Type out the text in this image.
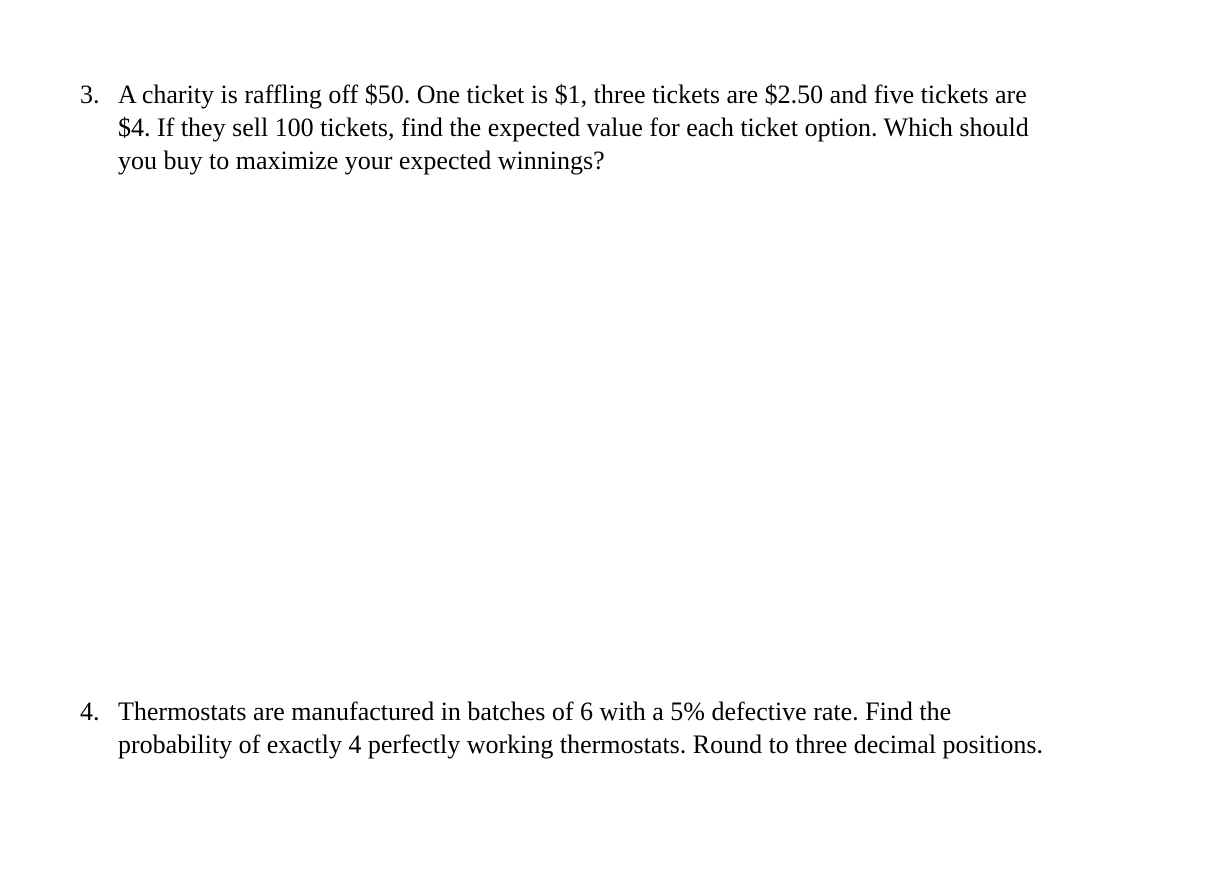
3. A charity is raffling off $50. One ticket is $1, three tickets are $2.50 and five tickets are
$4. If they sell 100 tickets, find the expected value for each ticket option. Which should
you buy to maximize your expected winnings?
4. Thermostats are manufactured in batches of 6 with a 5% defective rate. Find the
probability of exactly 4 perfectly working thermostats. Round to three decimal positions.
